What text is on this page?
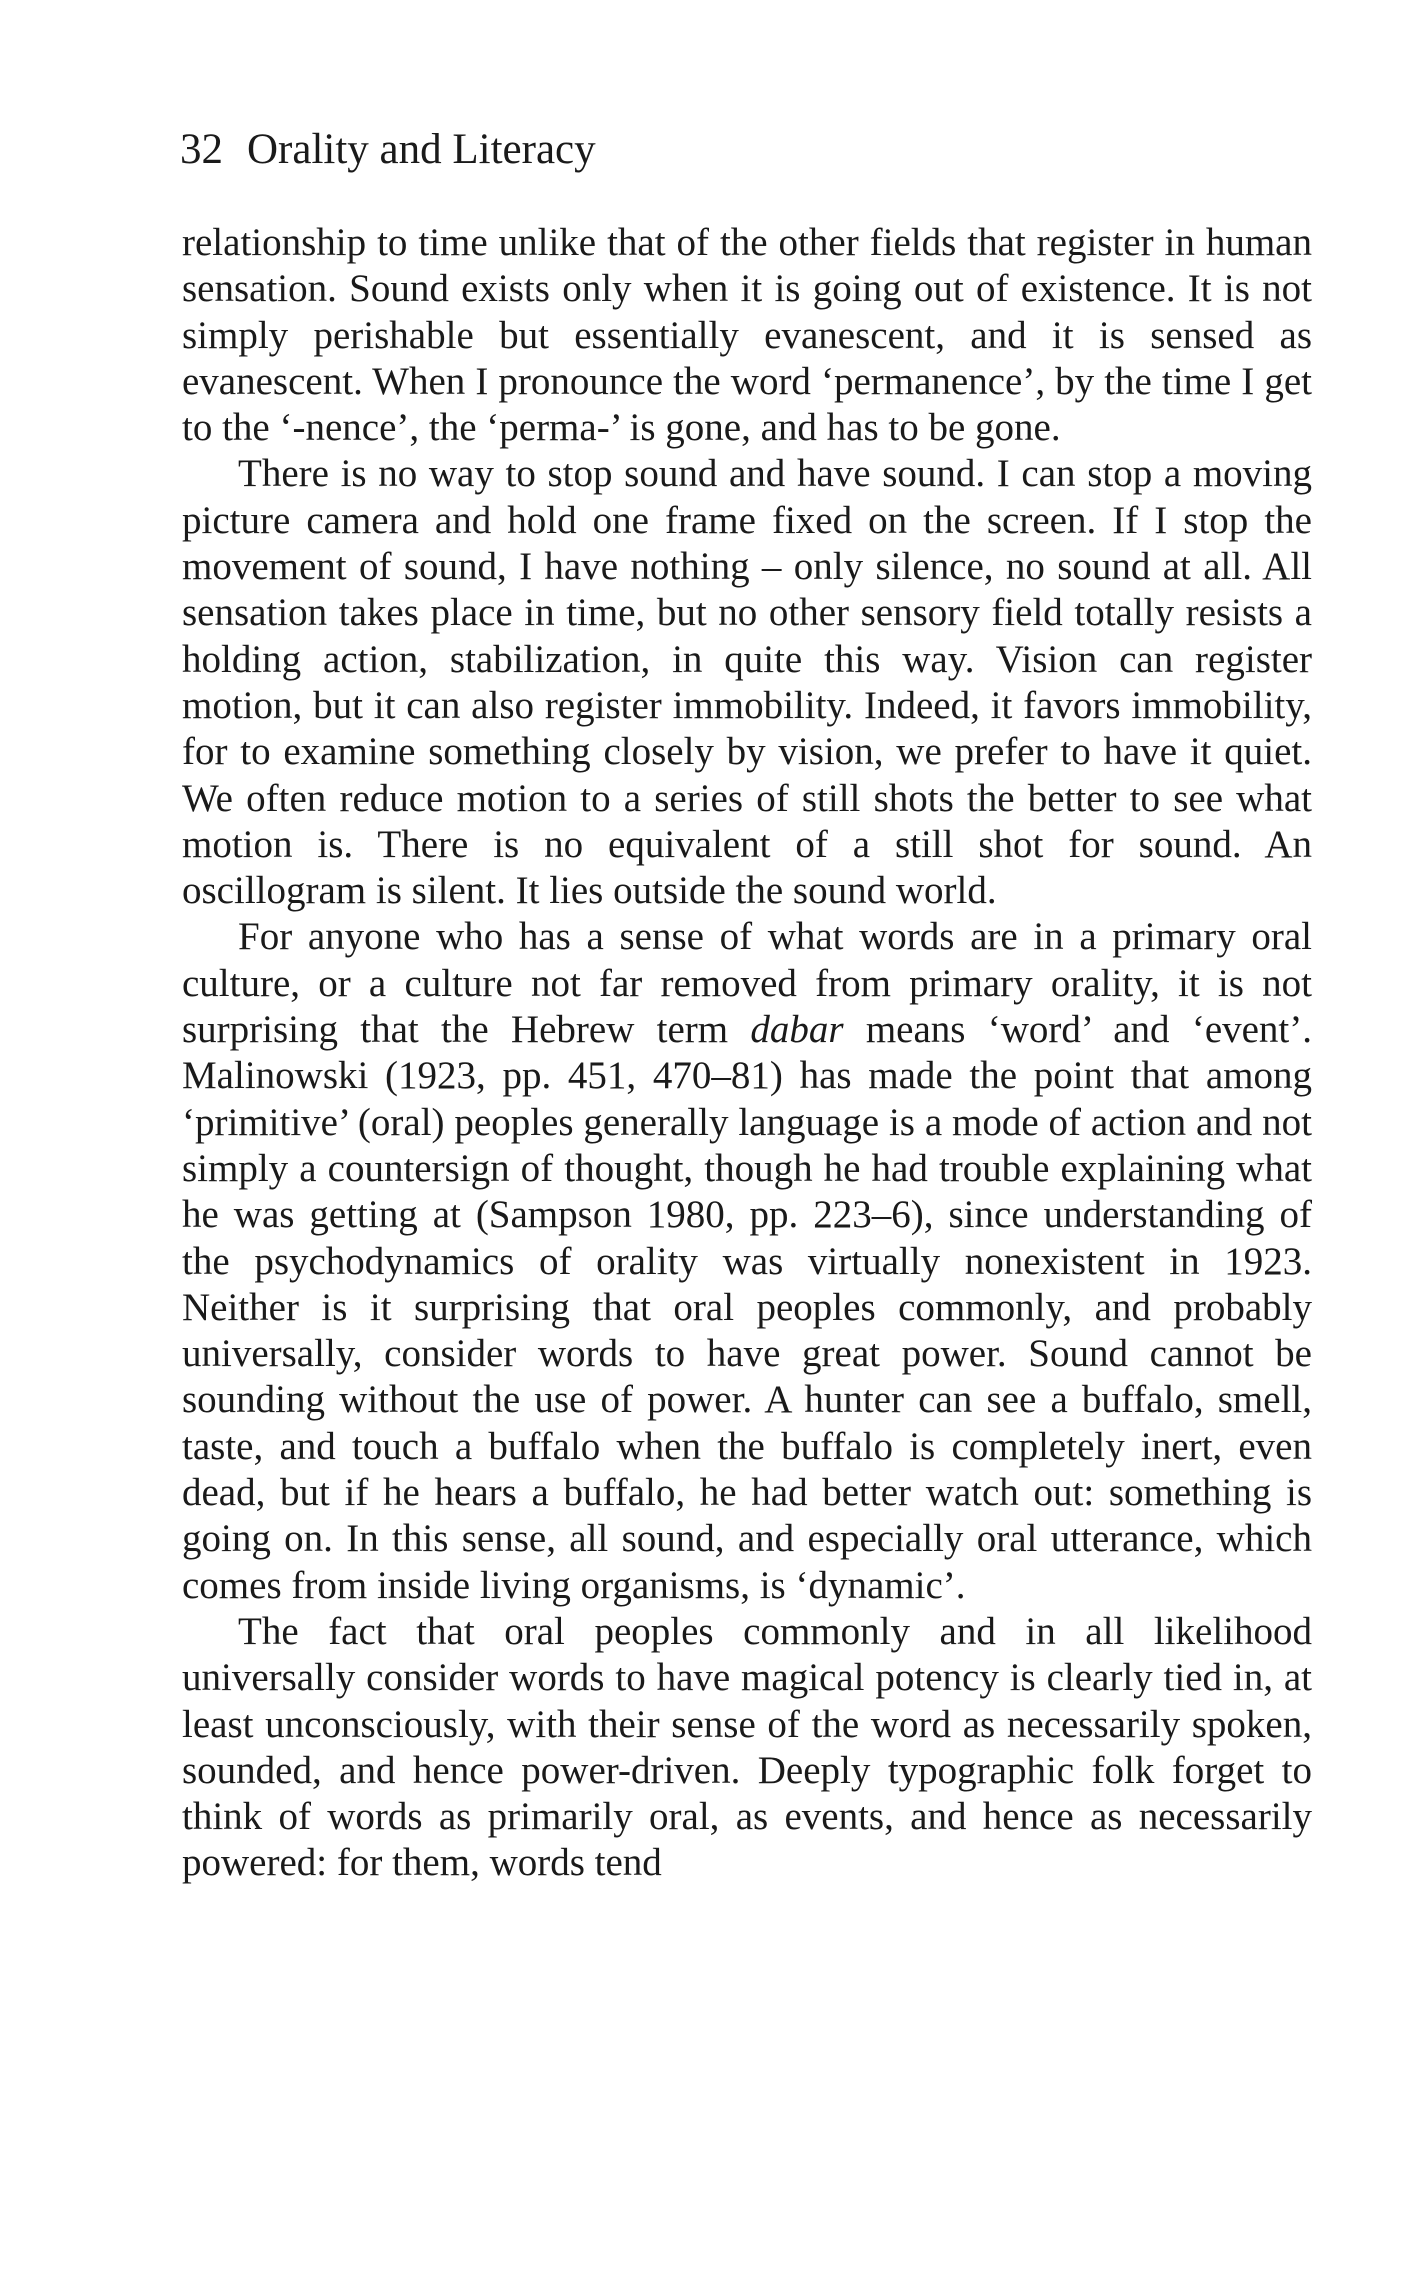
32 Orality and Literacy

relationship to time unlike that of the other fields that register in human sensation. Sound exists only when it is going out of existence. It is not simply perishable but essentially evanescent, and it is sensed as evanescent. When I pronounce the word ‘permanence’, by the time I get to the ‘-nence’, the ‘perma-’ is gone, and has to be gone.

There is no way to stop sound and have sound. I can stop a moving picture camera and hold one frame fixed on the screen. If I stop the movement of sound, I have nothing – only silence, no sound at all. All sensation takes place in time, but no other sensory field totally resists a holding action, stabilization, in quite this way. Vision can register motion, but it can also register immobility. Indeed, it favors immobility, for to examine something closely by vision, we prefer to have it quiet. We often reduce motion to a series of still shots the better to see what motion is. There is no equivalent of a still shot for sound. An oscillogram is silent. It lies outside the sound world.

For anyone who has a sense of what words are in a primary oral culture, or a culture not far removed from primary orality, it is not surprising that the Hebrew term dabar means ‘word’ and ‘event’. Malinowski (1923, pp. 451, 470–81) has made the point that among ‘primitive’ (oral) peoples generally language is a mode of action and not simply a countersign of thought, though he had trouble explaining what he was getting at (Sampson 1980, pp. 223–6), since understanding of the psychodynamics of orality was virtually nonexistent in 1923. Neither is it surprising that oral peoples commonly, and probably universally, consider words to have great power. Sound cannot be sounding without the use of power. A hunter can see a buffalo, smell, taste, and touch a buffalo when the buffalo is completely inert, even dead, but if he hears a buffalo, he had better watch out: something is going on. In this sense, all sound, and especially oral utterance, which comes from inside living organisms, is ‘dynamic’.

The fact that oral peoples commonly and in all likelihood universally consider words to have magical potency is clearly tied in, at least unconsciously, with their sense of the word as necessarily spoken, sounded, and hence power-driven. Deeply typographic folk forget to think of words as primarily oral, as events, and hence as necessarily powered: for them, words tend
